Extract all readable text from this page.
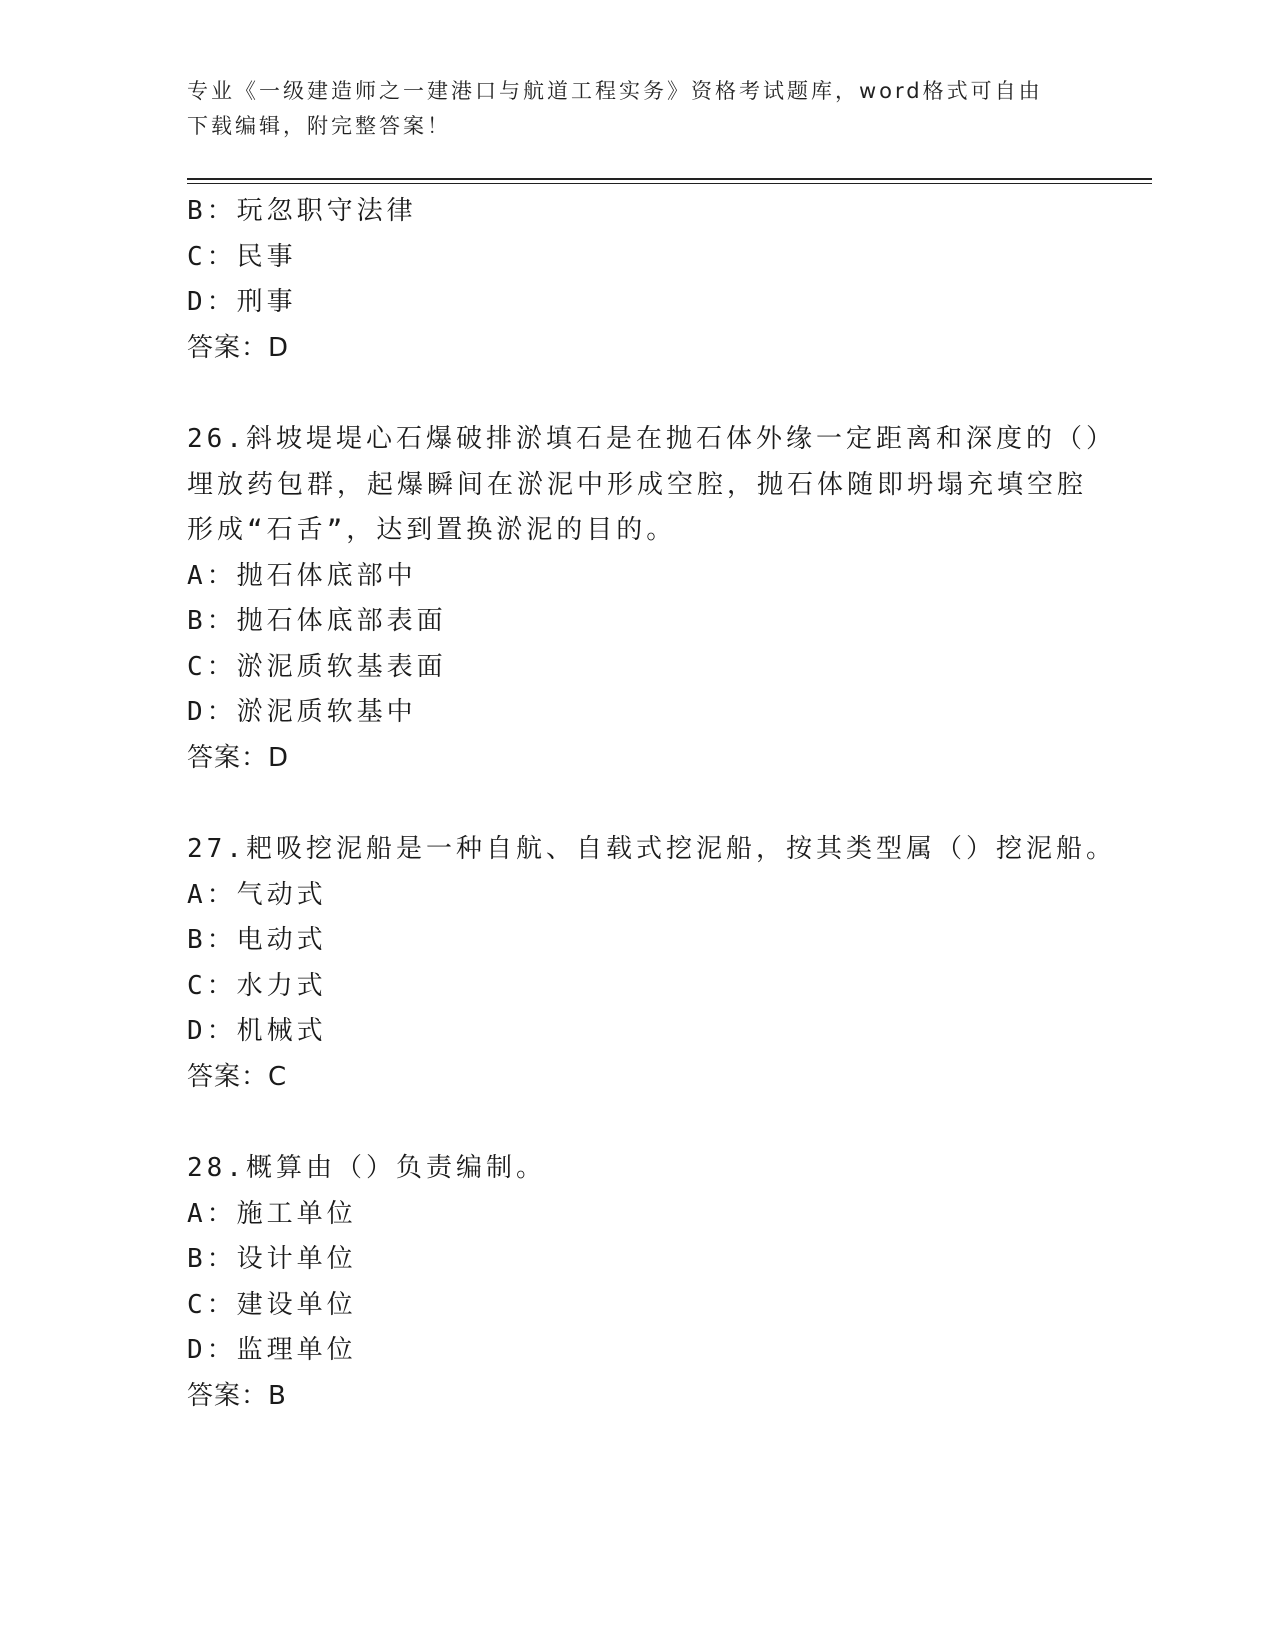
专业《一级建造师之一建港口与航道工程实务》资格考试题库，word格式可自由
下载编辑，附完整答案！
B：玩忽职守法律
C：民事
D：刑事
答案：D
26.斜坡堤堤心石爆破排淤填石是在抛石体外缘一定距离和深度的（）
埋放药包群，起爆瞬间在淤泥中形成空腔，抛石体随即坍塌充填空腔
形成“石舌”，达到置换淤泥的目的。
A：抛石体底部中
B：抛石体底部表面
C：淤泥质软基表面
D：淤泥质软基中
答案：D
27.耙吸挖泥船是一种自航、自载式挖泥船，按其类型属（）挖泥船。
A：气动式
B：电动式
C：水力式
D：机械式
答案：C
28.概算由（）负责编制。
A：施工单位
B：设计单位
C：建设单位
D：监理单位
答案：B
